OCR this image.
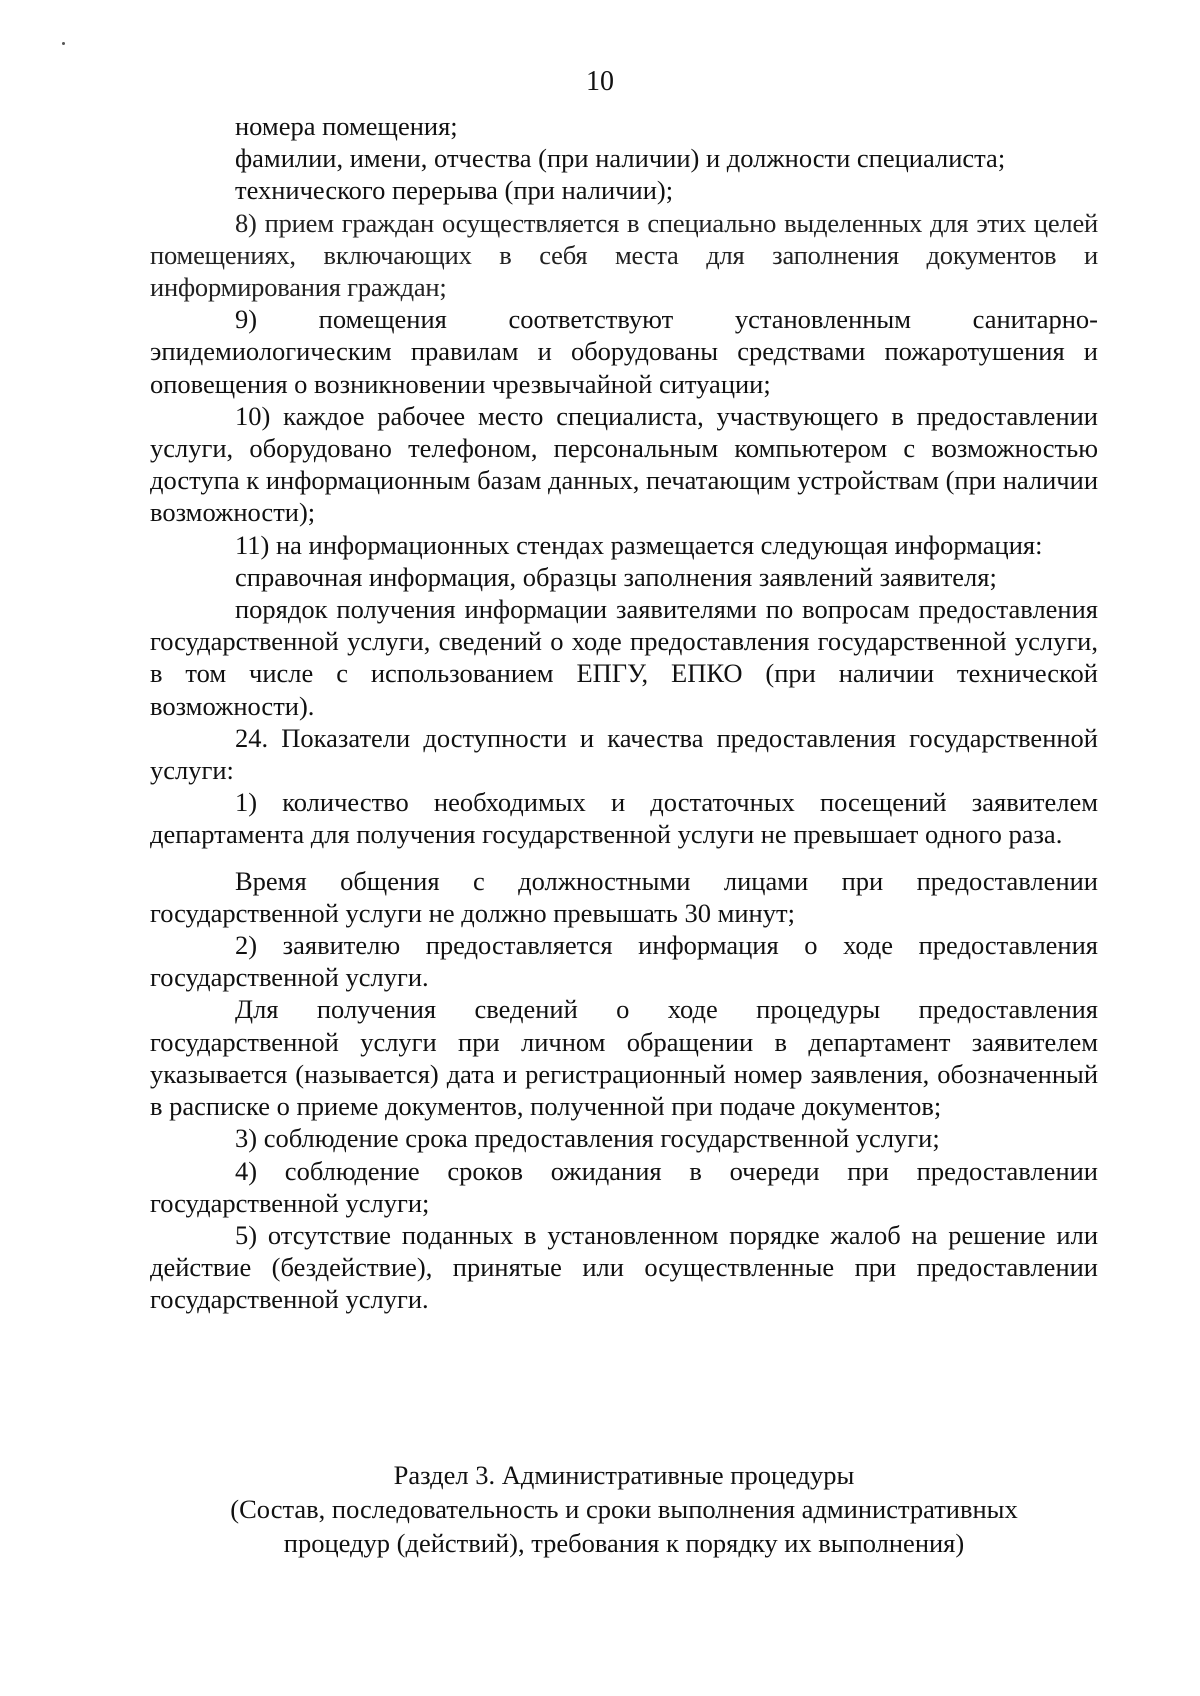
10

номера помещения;

фамилии, имени, отчества (при наличии) и должности специалиста;

технического перерыва (при наличии);

8) прием граждан осуществляется в специально выделенных для этих целей помещениях, включающих в себя места для заполнения документов и информирования граждан;

9) помещения соответствуют установленным санитарно-эпидемиологическим правилам и оборудованы средствами пожаротушения и оповещения о возникновении чрезвычайной ситуации;

10) каждое рабочее место специалиста, участвующего в предоставлении услуги, оборудовано телефоном, персональным компьютером с возможностью доступа к информационным базам данных, печатающим устройствам (при наличии возможности);

11) на информационных стендах размещается следующая информация:

справочная информация, образцы заполнения заявлений заявителя;

порядок получения информации заявителями по вопросам предоставления государственной услуги, сведений о ходе предоставления государственной услуги, в том числе с использованием ЕПГУ, ЕПКО (при наличии технической возможности).

24. Показатели доступности и качества предоставления государственной услуги:

1) количество необходимых и достаточных посещений заявителем департамента для получения государственной услуги не превышает одного раза.

Время общения с должностными лицами при предоставлении государственной услуги не должно превышать 30 минут;

2) заявителю предоставляется информация о ходе предоставления государственной услуги.

Для получения сведений о ходе процедуры предоставления государственной услуги при личном обращении в департамент заявителем указывается (называется) дата и регистрационный номер заявления, обозначенный в расписке о приеме документов, полученной при подаче документов;

3) соблюдение срока предоставления государственной услуги;

4) соблюдение сроков ожидания в очереди при предоставлении государственной услуги;

5) отсутствие поданных в установленном порядке жалоб на решение или действие (бездействие), принятые или осуществленные при предоставлении государственной услуги.

Раздел 3. Административные процедуры
(Состав, последовательность и сроки выполнения административных
процедур (действий), требования к порядку их выполнения)
